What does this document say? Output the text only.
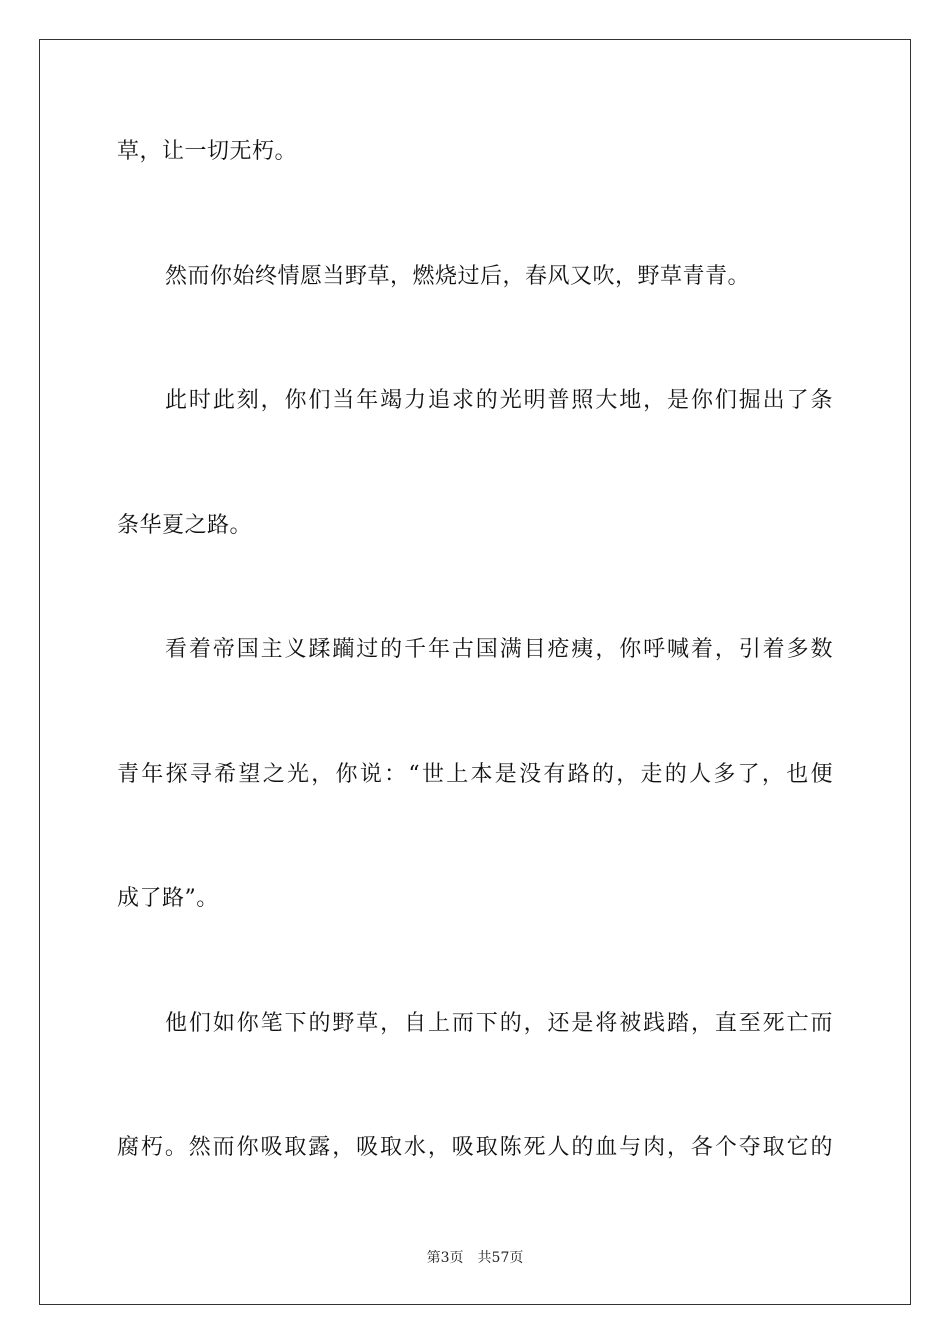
草，让一切无朽。
然而你始终情愿当野草，燃烧过后，春风又吹，野草青青。
此时此刻，你们当年竭力追求的光明普照大地，是你们掘出了条
条华夏之路。
看着帝国主义蹂躏过的千年古国满目疮痍，你呼喊着，引着多数
青年探寻希望之光，你说：“世上本是没有路的，走的人多了，也便
成了路”。
他们如你笔下的野草，自上而下的，还是将被践踏，直至死亡而
腐朽。然而你吸取露，吸取水，吸取陈死人的血与肉，各个夺取它的
第3页 共57页
